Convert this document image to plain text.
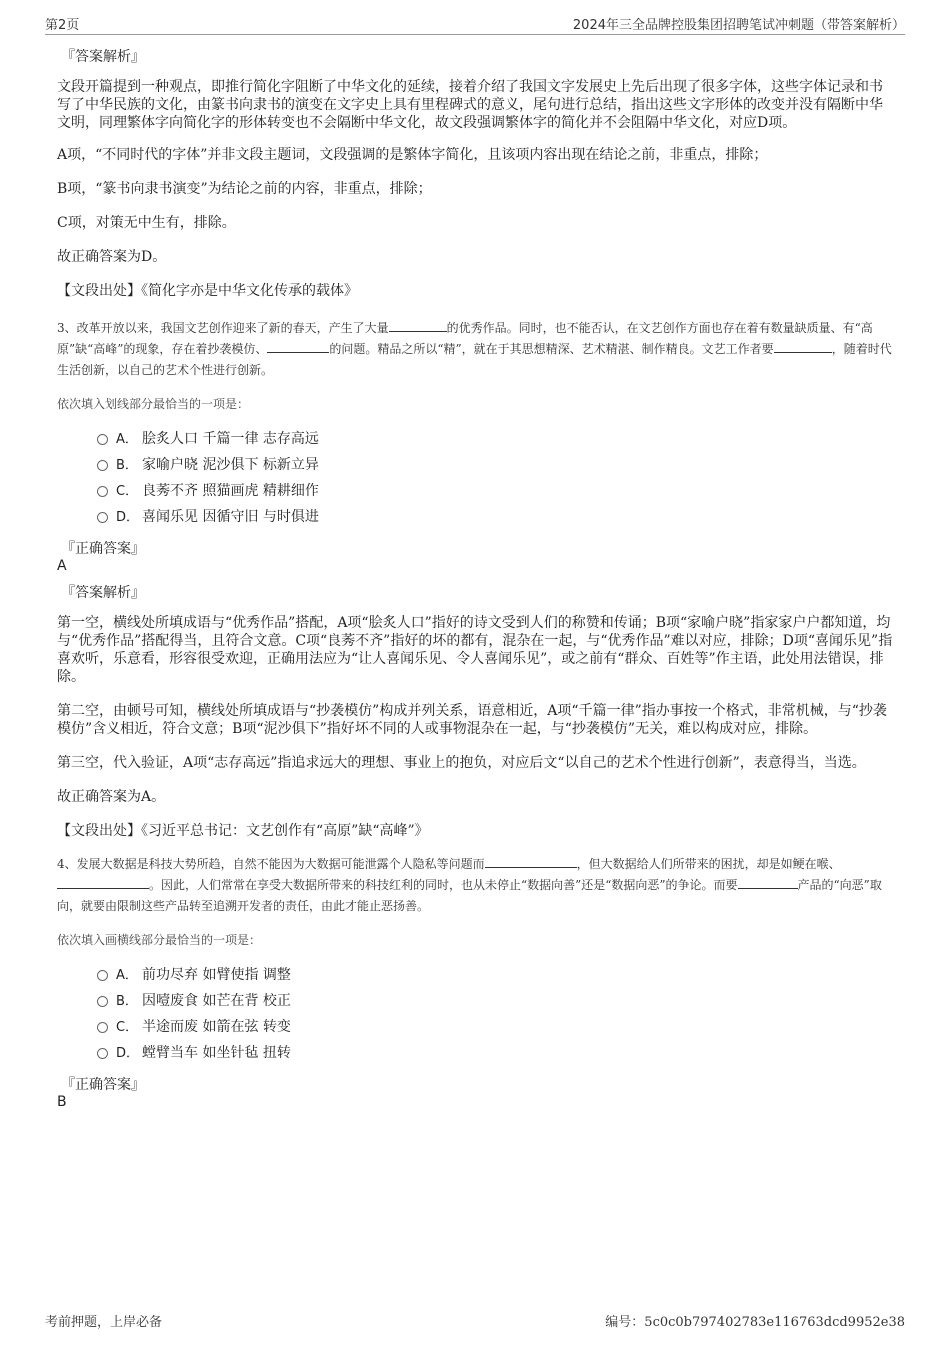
第2页	2024年三全品牌控股集团招聘笔试冲刺题（带答案解析）
『答案解析』
文段开篇提到一种观点，即推行简化字阻断了中华文化的延续，接着介绍了我国文字发展史上先后出现了很多字体，这些字体记录和书写了中华民族的文化，由篆书向隶书的演变在文字史上具有里程碑式的意义，尾句进行总结，指出这些文字形体的改变并没有隔断中华文明，同理繁体字向简化字的形体转变也不会隔断中华文化，故文段强调繁体字的简化并不会阻隔中华文化，对应D项。
A项，“不同时代的字体”并非文段主题词，文段强调的是繁体字简化，且该项内容出现在结论之前，非重点，排除；
B项，“篆书向隶书演变”为结论之前的内容，非重点，排除；
C项，对策无中生有，排除。
故正确答案为D。
【文段出处】《简化字亦是中华文化传承的载体》
3、改革开放以来，我国文艺创作迎来了新的春天，产生了大量	的优秀作品。同时，也不能否认，在文艺创作方面也存在着有数量缺质量、有“高原”缺“高峰”的现象，存在着抄袭模仿、	的问题。精品之所以“精”，就在于其思想精深、艺术精湛、制作精良。文艺工作者要	，随着时代生活创新，以自己的艺术个性进行创新。
依次填入划线部分最恰当的一项是：
A． 脍炙人口 千篇一律 志存高远
B． 家喻户晓 泥沙俱下 标新立异
C． 良莠不齐 照猫画虎 精耕细作
D． 喜闻乐见 因循守旧 与时俱进
『正确答案』
A
『答案解析』
第一空，横线处所填成语与“优秀作品”搭配，A项“脍炙人口”指好的诗文受到人们的称赞和传诵；B项“家喻户晓”指家家户户都知道，均与“优秀作品”搭配得当，且符合文意。C项“良莠不齐”指好的坏的都有，混杂在一起，与“优秀作品”难以对应，排除；D项“喜闻乐见”指喜欢听，乐意看，形容很受欢迎，正确用法应为“让人喜闻乐见、令人喜闻乐见”，或之前有“群众、百姓等”作主语，此处用法错误，排除。
第二空，由顿号可知，横线处所填成语与“抄袭模仿”构成并列关系，语意相近，A项“千篇一律”指办事按一个格式，非常机械，与“抄袭模仿”含义相近，符合文意；B项“泥沙俱下”指好坏不同的人或事物混杂在一起，与“抄袭模仿”无关，难以构成对应，排除。
第三空，代入验证，A项“志存高远”指追求远大的理想、事业上的抱负，对应后文“以自己的艺术个性进行创新”，表意得当，当选。
故正确答案为A。
【文段出处】《习近平总书记：文艺创作有“高原”缺“高峰”》
4、发展大数据是科技大势所趋，自然不能因为大数据可能泄露个人隐私等问题而	，但大数据给人们所带来的困扰，却是如鲠在喉、。因此，人们常常在享受大数据所带来的科技红利的同时，也从未停止“数据向善”还是“数据向恶”的争论。而要	产品的“向恶”取向，就要由限制这些产品转至追溯开发者的责任，由此才能止恶扬善。
依次填入画横线部分最恰当的一项是：
A． 前功尽弃 如臂使指 调整
B． 因噎废食 如芒在背 校正
C． 半途而废 如箭在弦 转变
D． 螳臂当车 如坐针毡 扭转
『正确答案』
B
考前押题，上岸必备	编号：5c0c0b797402783e116763dcd9952e38
